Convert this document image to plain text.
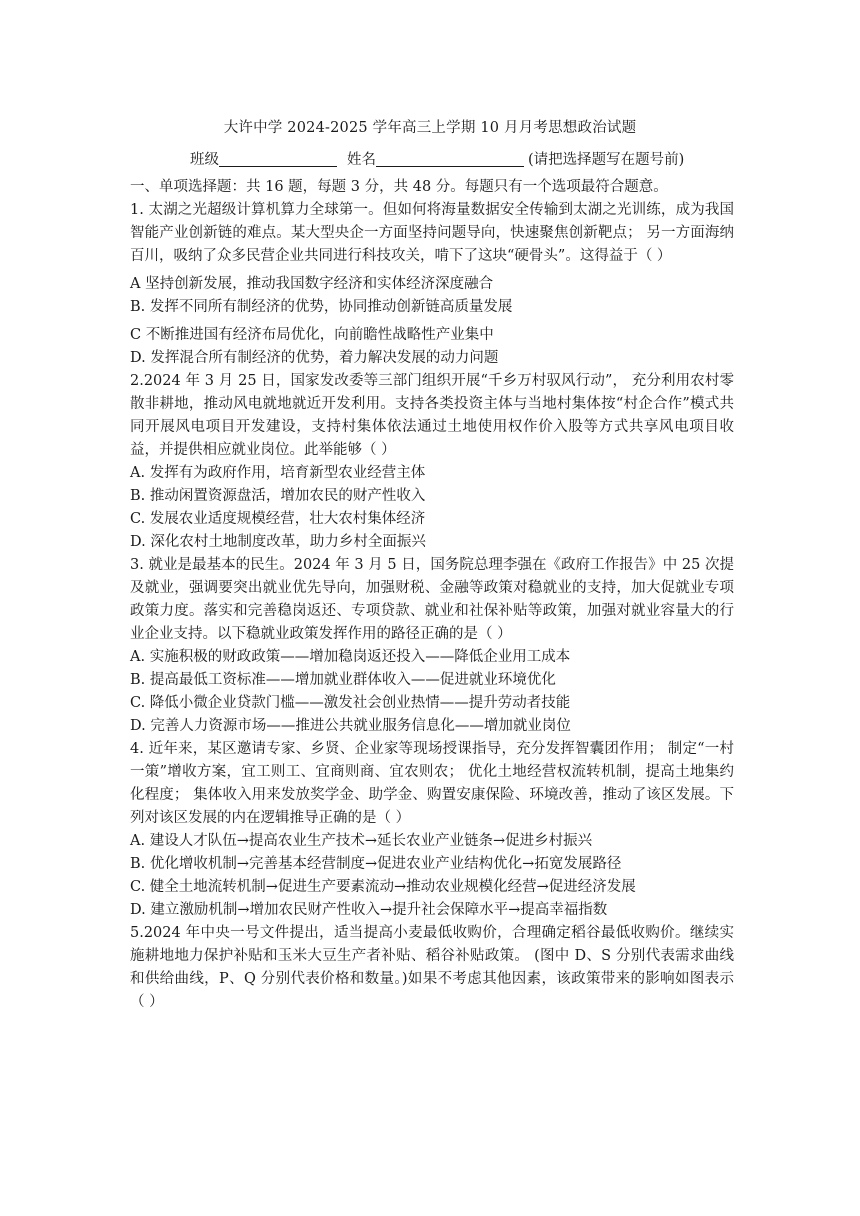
大许中学 2024-2025 学年高三上学期 10 月月考思想政治试题
班级	姓名	(请把选择题写在题号前)

一、单项选择题：共 16 题，每题 3 分，共 48 分。每题只有一个选项最符合题意。

1. 太湖之光超级计算机算力全球第一。但如何将海量数据安全传输到太湖之光训练，成为我国智能产业创新链的难点。某大型央企一方面坚持问题导向，快速聚焦创新靶点； 另一方面海纳百川，吸纳了众多民营企业共同进行科技攻关，啃下了这块“硬骨头”。这得益于（ ）

A 坚持创新发展，推动我国数字经济和实体经济深度融合

B. 发挥不同所有制经济的优势，协同推动创新链高质量发展

C 不断推进国有经济布局优化，向前瞻性战略性产业集中

D. 发挥混合所有制经济的优势，着力解决发展的动力问题

2.2024 年 3 月 25 日，国家发改委等三部门组织开展“千乡万村驭风行动”， 充分利用农村零散非耕地，推动风电就地就近开发利用。支持各类投资主体与当地村集体按“村企合作”模式共同开展风电项目开发建设，支持村集体依法通过土地使用权作价入股等方式共享风电项目收益，并提供相应就业岗位。此举能够（ ）

A. 发挥有为政府作用，培育新型农业经营主体

B. 推动闲置资源盘活，增加农民的财产性收入

C. 发展农业适度规模经营，壮大农村集体经济

D. 深化农村土地制度改革，助力乡村全面振兴

3. 就业是最基本的民生。2024 年 3 月 5 日，国务院总理李强在《政府工作报告》中 25 次提及就业，强调要突出就业优先导向，加强财税、金融等政策对稳就业的支持，加大促就业专项政策力度。落实和完善稳岗返还、专项贷款、就业和社保补贴等政策，加强对就业容量大的行业企业支持。以下稳就业政策发挥作用的路径正确的是（ ）

A. 实施积极的财政政策——增加稳岗返还投入——降低企业用工成本

B. 提高最低工资标准——增加就业群体收入——促进就业环境优化

C. 降低小微企业贷款门槛——激发社会创业热情——提升劳动者技能

D. 完善人力资源市场——推进公共就业服务信息化——增加就业岗位

4. 近年来，某区邀请专家、乡贤、企业家等现场授课指导，充分发挥智囊团作用； 制定“一村一策”增收方案，宜工则工、宜商则商、宜农则农； 优化土地经营权流转机制，提高土地集约化程度； 集体收入用来发放奖学金、助学金、购置安康保险、环境改善，推动了该区发展。下列对该区发展的内在逻辑推导正确的是（ ）

A. 建设人才队伍→提高农业生产技术→延长农业产业链条→促进乡村振兴

B. 优化增收机制→完善基本经营制度→促进农业产业结构优化→拓宽发展路径

C. 健全土地流转机制→促进生产要素流动→推动农业规模化经营→促进经济发展

D. 建立激励机制→增加农民财产性收入→提升社会保障水平→提高幸福指数

5.2024 年中央一号文件提出，适当提高小麦最低收购价，合理确定稻谷最低收购价。继续实施耕地地力保护补贴和玉米大豆生产者补贴、稻谷补贴政策。 (图中 D、S 分别代表需求曲线和供给曲线，P、Q 分别代表价格和数量。)如果不考虑其他因素，该政策带来的影响如图表示（ ）
